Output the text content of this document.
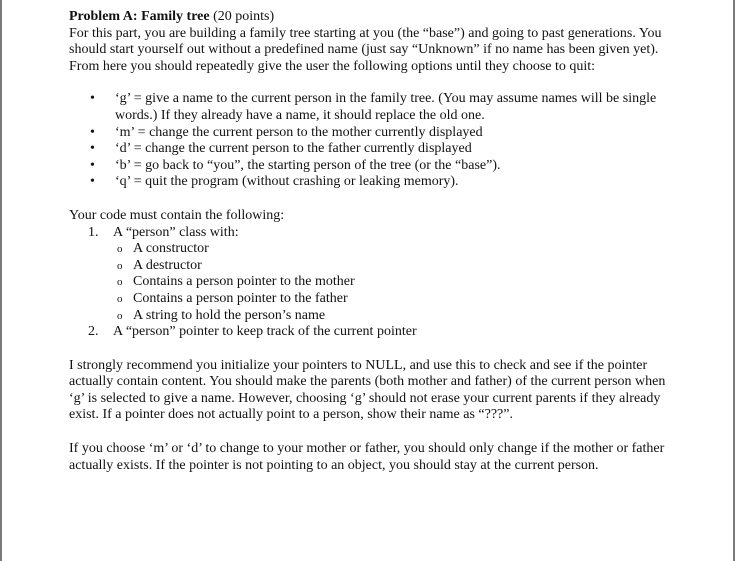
Problem A: Family tree (20 points)

For this part, you are building a family tree starting at you (the “base”) and going to past generations. You should start yourself out without a predefined name (just say “Unknown” if no name has been given yet). From here you should repeatedly give the user the following options until they choose to quit:

• ‘g’ = give a name to the current person in the family tree. (You may assume names will be single words.) If they already have a name, it should replace the old one.
• ‘m’ = change the current person to the mother currently displayed
• ‘d’ = change the current person to the father currently displayed
• ‘b’ = go back to “you”, the starting person of the tree (or the “base”).
• ‘q’ = quit the program (without crashing or leaking memory).

Your code must contain the following:

1. A “person” class with:
o A constructor
o A destructor
o Contains a person pointer to the mother
o Contains a person pointer to the father
o A string to hold the person’s name
2. A “person” pointer to keep track of the current pointer

I strongly recommend you initialize your pointers to NULL, and use this to check and see if the pointer actually contain content. You should make the parents (both mother and father) of the current person when ‘g’ is selected to give a name. However, choosing ‘g’ should not erase your current parents if they already exist. If a pointer does not actually point to a person, show their name as “???”.

If you choose ‘m’ or ‘d’ to change to your mother or father, you should only change if the mother or father actually exists. If the pointer is not pointing to an object, you should stay at the current person.
